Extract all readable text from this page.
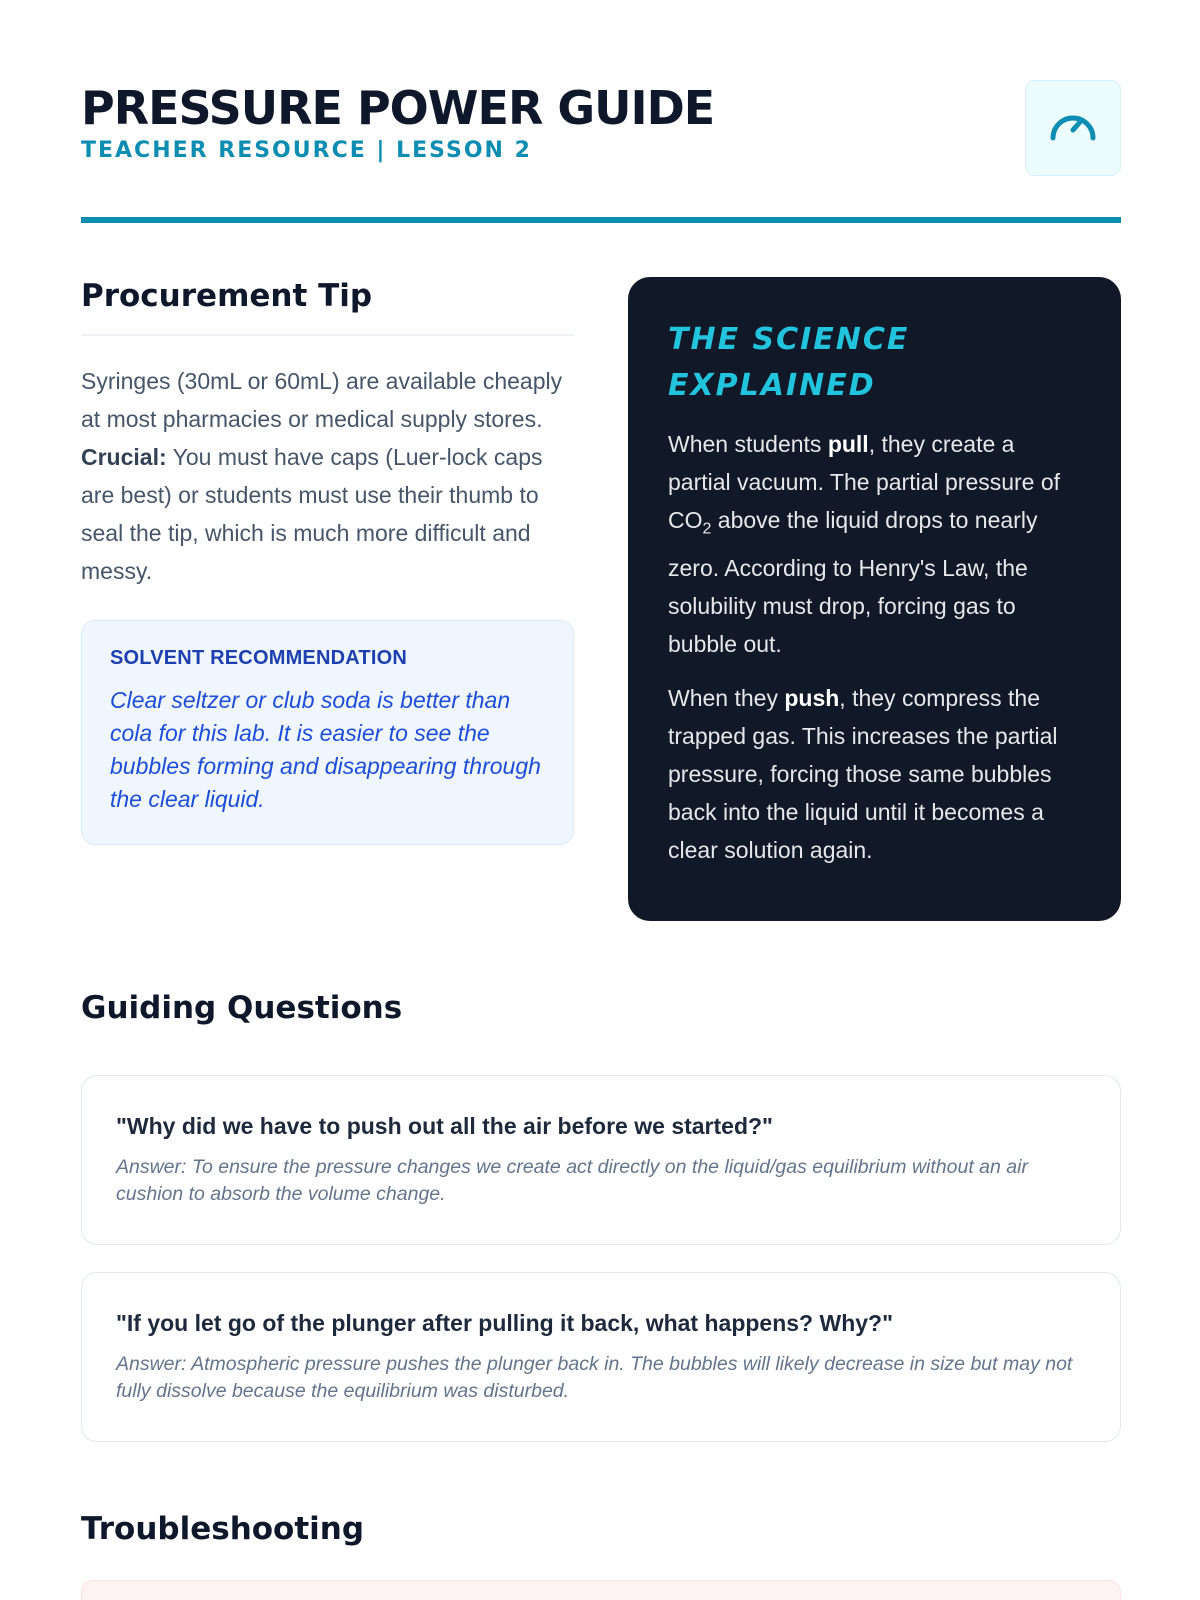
PRESSURE POWER GUIDE
TEACHER RESOURCE | LESSON 2
Procurement Tip

Syringes (30mL or 60mL) are available cheaply at most pharmacies or medical supply stores. Crucial: You must have caps (Luer-lock caps are best) or students must use their thumb to seal the tip, which is much more difficult and messy.

SOLVENT RECOMMENDATION
Clear seltzer or club soda is better than cola for this lab. It is easier to see the bubbles forming and disappearing through the clear liquid.
THE SCIENCE EXPLAINED

When students pull, they create a partial vacuum. The partial pressure of $CO_2$ above the liquid drops to nearly zero. According to Henry's Law, the solubility must drop, forcing gas to bubble out.

When they push, they compress the trapped gas. This increases the partial pressure, forcing those same bubbles back into the liquid until it becomes a clear solution again.

Guiding Questions
"Why did we have to push out all the air before we started?"
Answer: To ensure the pressure changes we create act directly on the liquid/gas equilibrium without an air cushion to absorb the volume change.
"If you let go of the plunger after pulling it back, what happens? Why?"
Answer: Atmospheric pressure pushes the plunger back in. The bubbles will likely decrease in size but may not fully dissolve because the equilibrium was disturbed.
Troubleshooting
